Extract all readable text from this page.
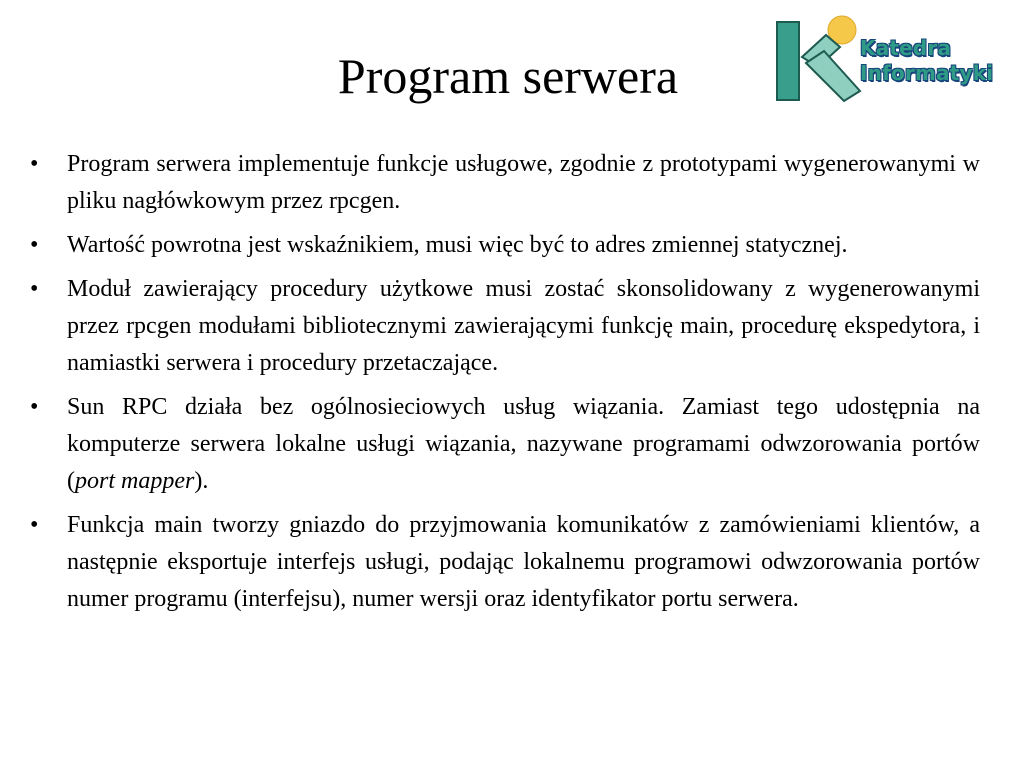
Program serwera	Katedra
Informatyki
•	Program serwera implementuje funkcje usługowe, zgodnie z prototypami wygenerowanymi w pliku nagłówkowym przez rpcgen.
•	Wartość powrotna jest wskaźnikiem, musi więc być to adres zmiennej statycznej.
•	Moduł zawierający procedury użytkowe musi zostać skonsolidowany z wygenerowanymi przez rpcgen modułami bibliotecznymi zawierającymi funkcję main, procedurę ekspedytora, i namiastki serwera i procedury przetaczające.
•	Sun RPC działa bez ogólnosieciowych usług wiązania. Zamiast tego udostępnia na komputerze serwera lokalne usługi wiązania, nazywane programami odwzorowania portów (port mapper).
•	Funkcja main tworzy gniazdo do przyjmowania komunikatów z zamówieniami klientów, a następnie eksportuje interfejs usługi, podając lokalnemu programowi odwzorowania portów numer programu (interfejsu), numer wersji oraz identyfikator portu serwera.
